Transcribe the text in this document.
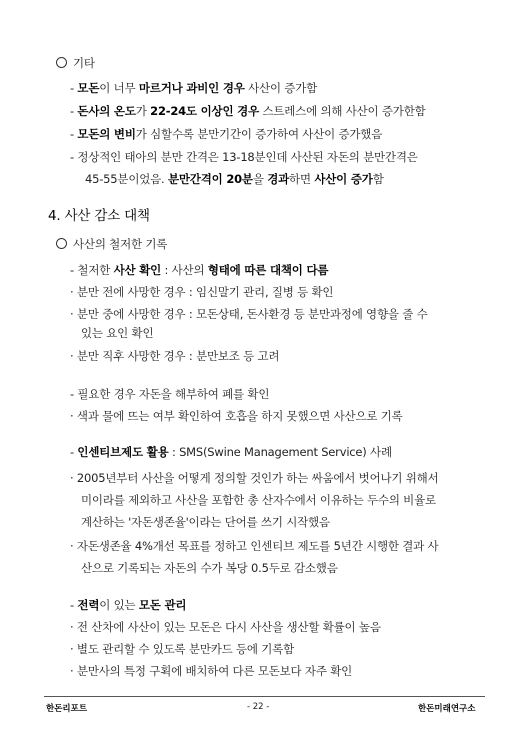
기타
- 모돈이 너무 마르거나 과비인 경우 사산이 증가함
- 돈사의 온도가 22-24도 이상인 경우 스트레스에 의해 사산이 증가한함
- 모돈의 변비가 심할수록 분만기간이 증가하여 사산이 증가했음
- 정상적인 태아의 분만 간격은 13-18분인데 사산된 자돈의 분만간격은
45-55분이었음. 분만간격이 20분을 경과하면 사산이 증가함
4. 사산 감소 대책
사산의 철저한 기록
- 철저한 사산 확인 : 사산의 형태에 따른 대책이 다름
· 분만 전에 사망한 경우 : 임신말기 관리, 질병 등 확인
· 분만 중에 사망한 경우 : 모돈상태, 돈사환경 등 분만과정에 영향을 줄 수
있는 요인 확인
· 분만 직후 사망한 경우 : 분만보조 등 고려
- 필요한 경우 자돈을 해부하여 폐를 확인
· 색과 물에 뜨는 여부 확인하여 호흡을 하지 못했으면 사산으로 기록
- 인센티브제도 활용 : SMS(Swine Management Service) 사례
· 2005년부터 사산을 어떻게 정의할 것인가 하는 싸움에서 벗어나기 위해서
미이라를 제외하고 사산을 포함한 총 산자수에서 이유하는 두수의 비율로
계산하는 '자돈생존율'이라는 단어를 쓰기 시작했음
· 자돈생존율 4%개선 목표를 정하고 인센티브 제도를 5년간 시행한 결과 사
산으로 기록되는 자돈의 수가 복당 0.5두로 감소했음
- 전력이 있는 모돈 관리
· 전 산차에 사산이 있는 모돈은 다시 사산을 생산할 확률이 높음
· 별도 관리할 수 있도록 분만카드 등에 기록함
· 분만사의 특정 구획에 배치하여 다른 모돈보다 자주 확인
한돈리포트	- 22 -	한돈미래연구소
